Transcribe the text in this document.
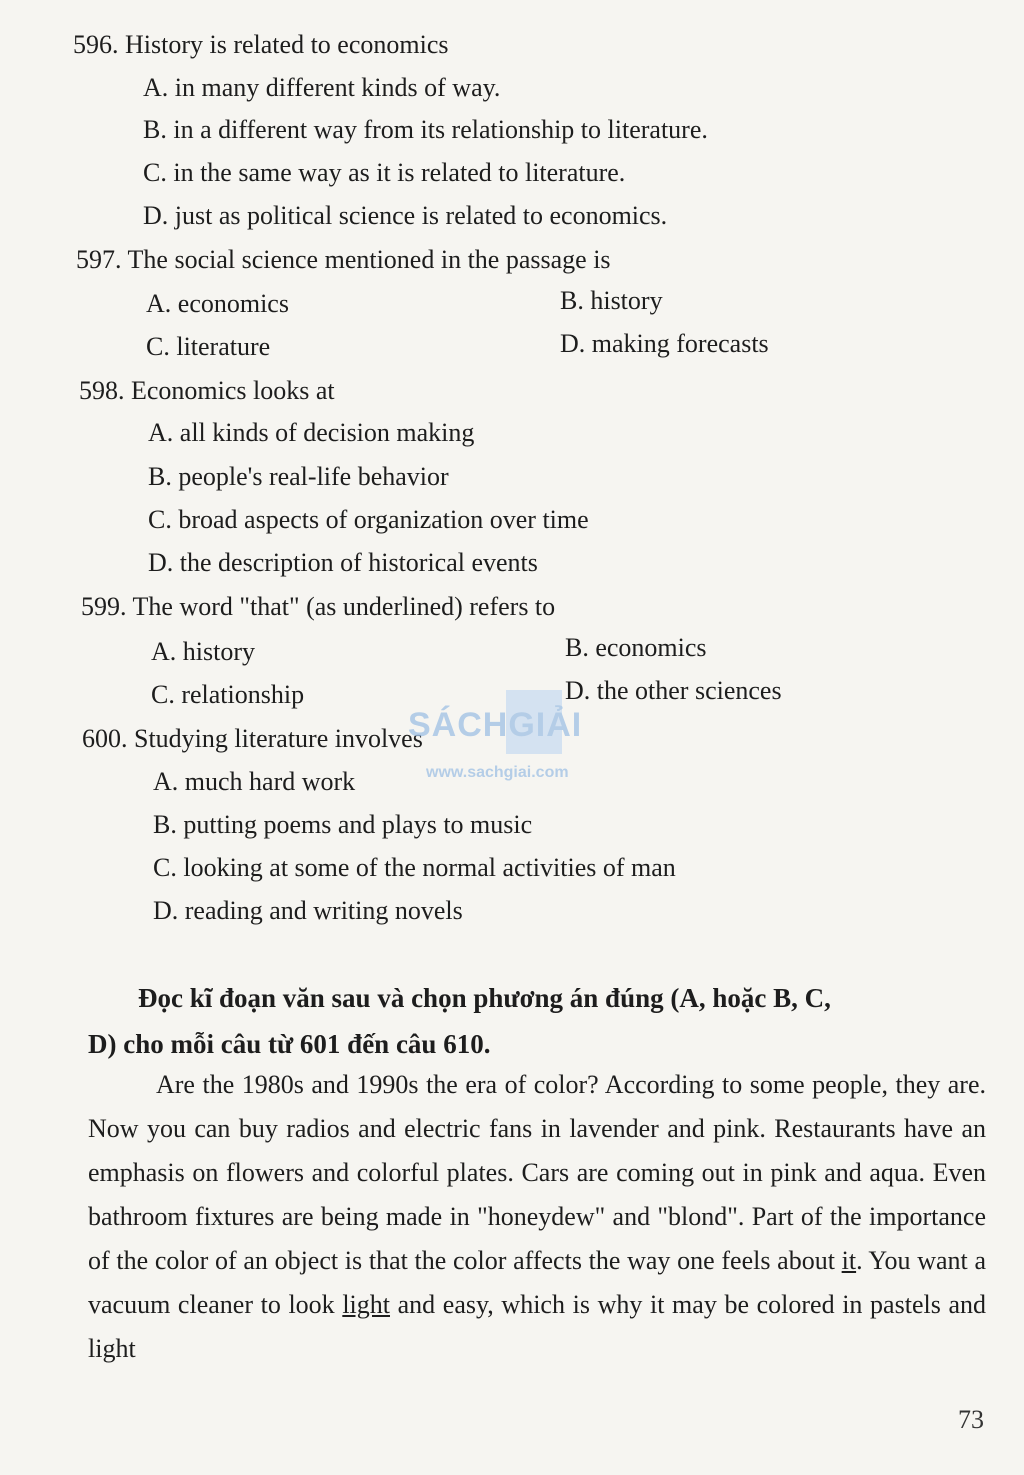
596. History is related to economics
A. in many different kinds of way.
B. in a different way from its relationship to literature.
C. in the same way as it is related to literature.
D. just as political science is related to economics.
597. The social science mentioned in the passage is
A. economics	B. history
C. literature	D. making forecasts
598. Economics looks at
A. all kinds of decision making
B. people's real-life behavior
C. broad aspects of organization over time
D. the description of historical events
599. The word "that" (as underlined) refers to
A. history	B. economics
C. relationship	D. the other sciences
600. Studying literature involves
A. much hard work
B. putting poems and plays to music
C. looking at some of the normal activities of man
D. reading and writing novels
Đọc kĩ đoạn văn sau và chọn phương án đúng (A, hoặc B, C,
D) cho mỗi câu từ 601 đến câu 610.
Are the 1980s and 1990s the era of color? According to some people, they are. Now you can buy radios and electric fans in lavender and pink. Restaurants have an emphasis on flowers and colorful plates. Cars are coming out in pink and aqua. Even bathroom fixtures are being made in "honeydew" and "blond". Part of the importance of the color of an object is that the color affects the way one feels about it. You want a vacuum cleaner to look light and easy, which is why it may be colored in pastels and light
SÁCHGIẢI
www.sachgiai.com
73
